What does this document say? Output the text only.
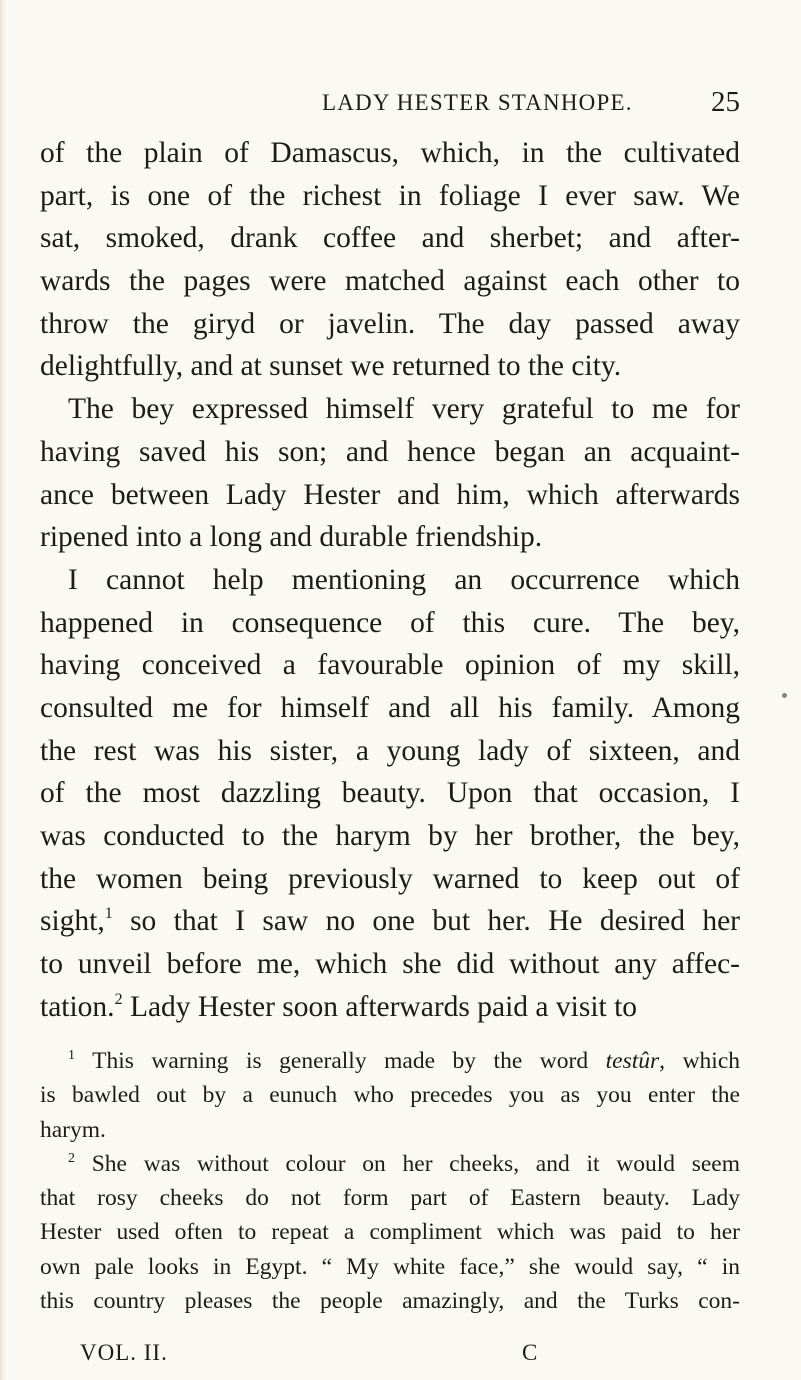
LADY HESTER STANHOPE.	25
of the plain of Damascus, which, in the cultivated
part, is one of the richest in foliage I ever saw. We
sat, smoked, drank coffee and sherbet; and after-
wards the pages were matched against each other to
throw the giryd or javelin. The day passed away
delightfully, and at sunset we returned to the city.
The bey expressed himself very grateful to me for
having saved his son; and hence began an acquaint-
ance between Lady Hester and him, which afterwards
ripened into a long and durable friendship.
I cannot help mentioning an occurrence which
happened in consequence of this cure. The bey,
having conceived a favourable opinion of my skill,
consulted me for himself and all his family. Among
the rest was his sister, a young lady of sixteen, and
of the most dazzling beauty. Upon that occasion, I
was conducted to the harym by her brother, the bey,
the women being previously warned to keep out of
sight,$^1$ so that I saw no one but her. He desired her
to unveil before me, which she did without any affec-
tation.$^2$ Lady Hester soon afterwards paid a visit to
$^1$ This warning is generally made by the word testûr, which
is bawled out by a eunuch who precedes you as you enter the
harym.
$^2$ She was without colour on her cheeks, and it would seem
that rosy cheeks do not form part of Eastern beauty. Lady
Hester used often to repeat a compliment which was paid to her
own pale looks in Egypt. “ My white face,” she would say, “ in
this country pleases the people amazingly, and the Turks con-
VOL. II.	C
